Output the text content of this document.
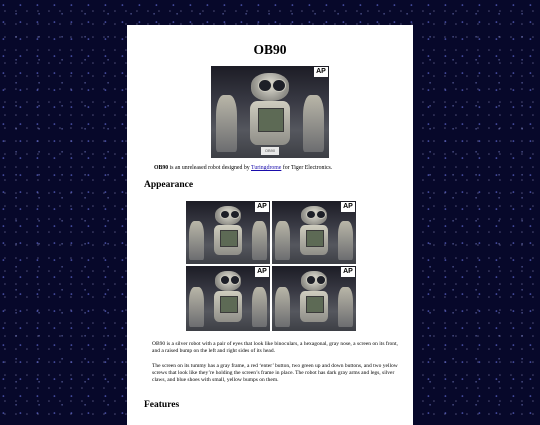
OB90
OB90
AP

OB90 is an unreleased robot designed by Turingdrome for Tiger Electronics.

Appearance
AP	AP
AP	AP

OB90 is a silver robot with a pair of eyes that look like binoculars, a hexagonal, gray nose, a screen on its front, and a raised bump on the left and right sides of its head.

The screen on its tummy has a gray frame, a red ‘enter’ button, two green up and down buttons, and two yellow screws that look like they’re holding the screen’s frame in place. The robot has dark gray arms and legs, silver claws, and blue shoes with small, yellow bumps on them.

Features
